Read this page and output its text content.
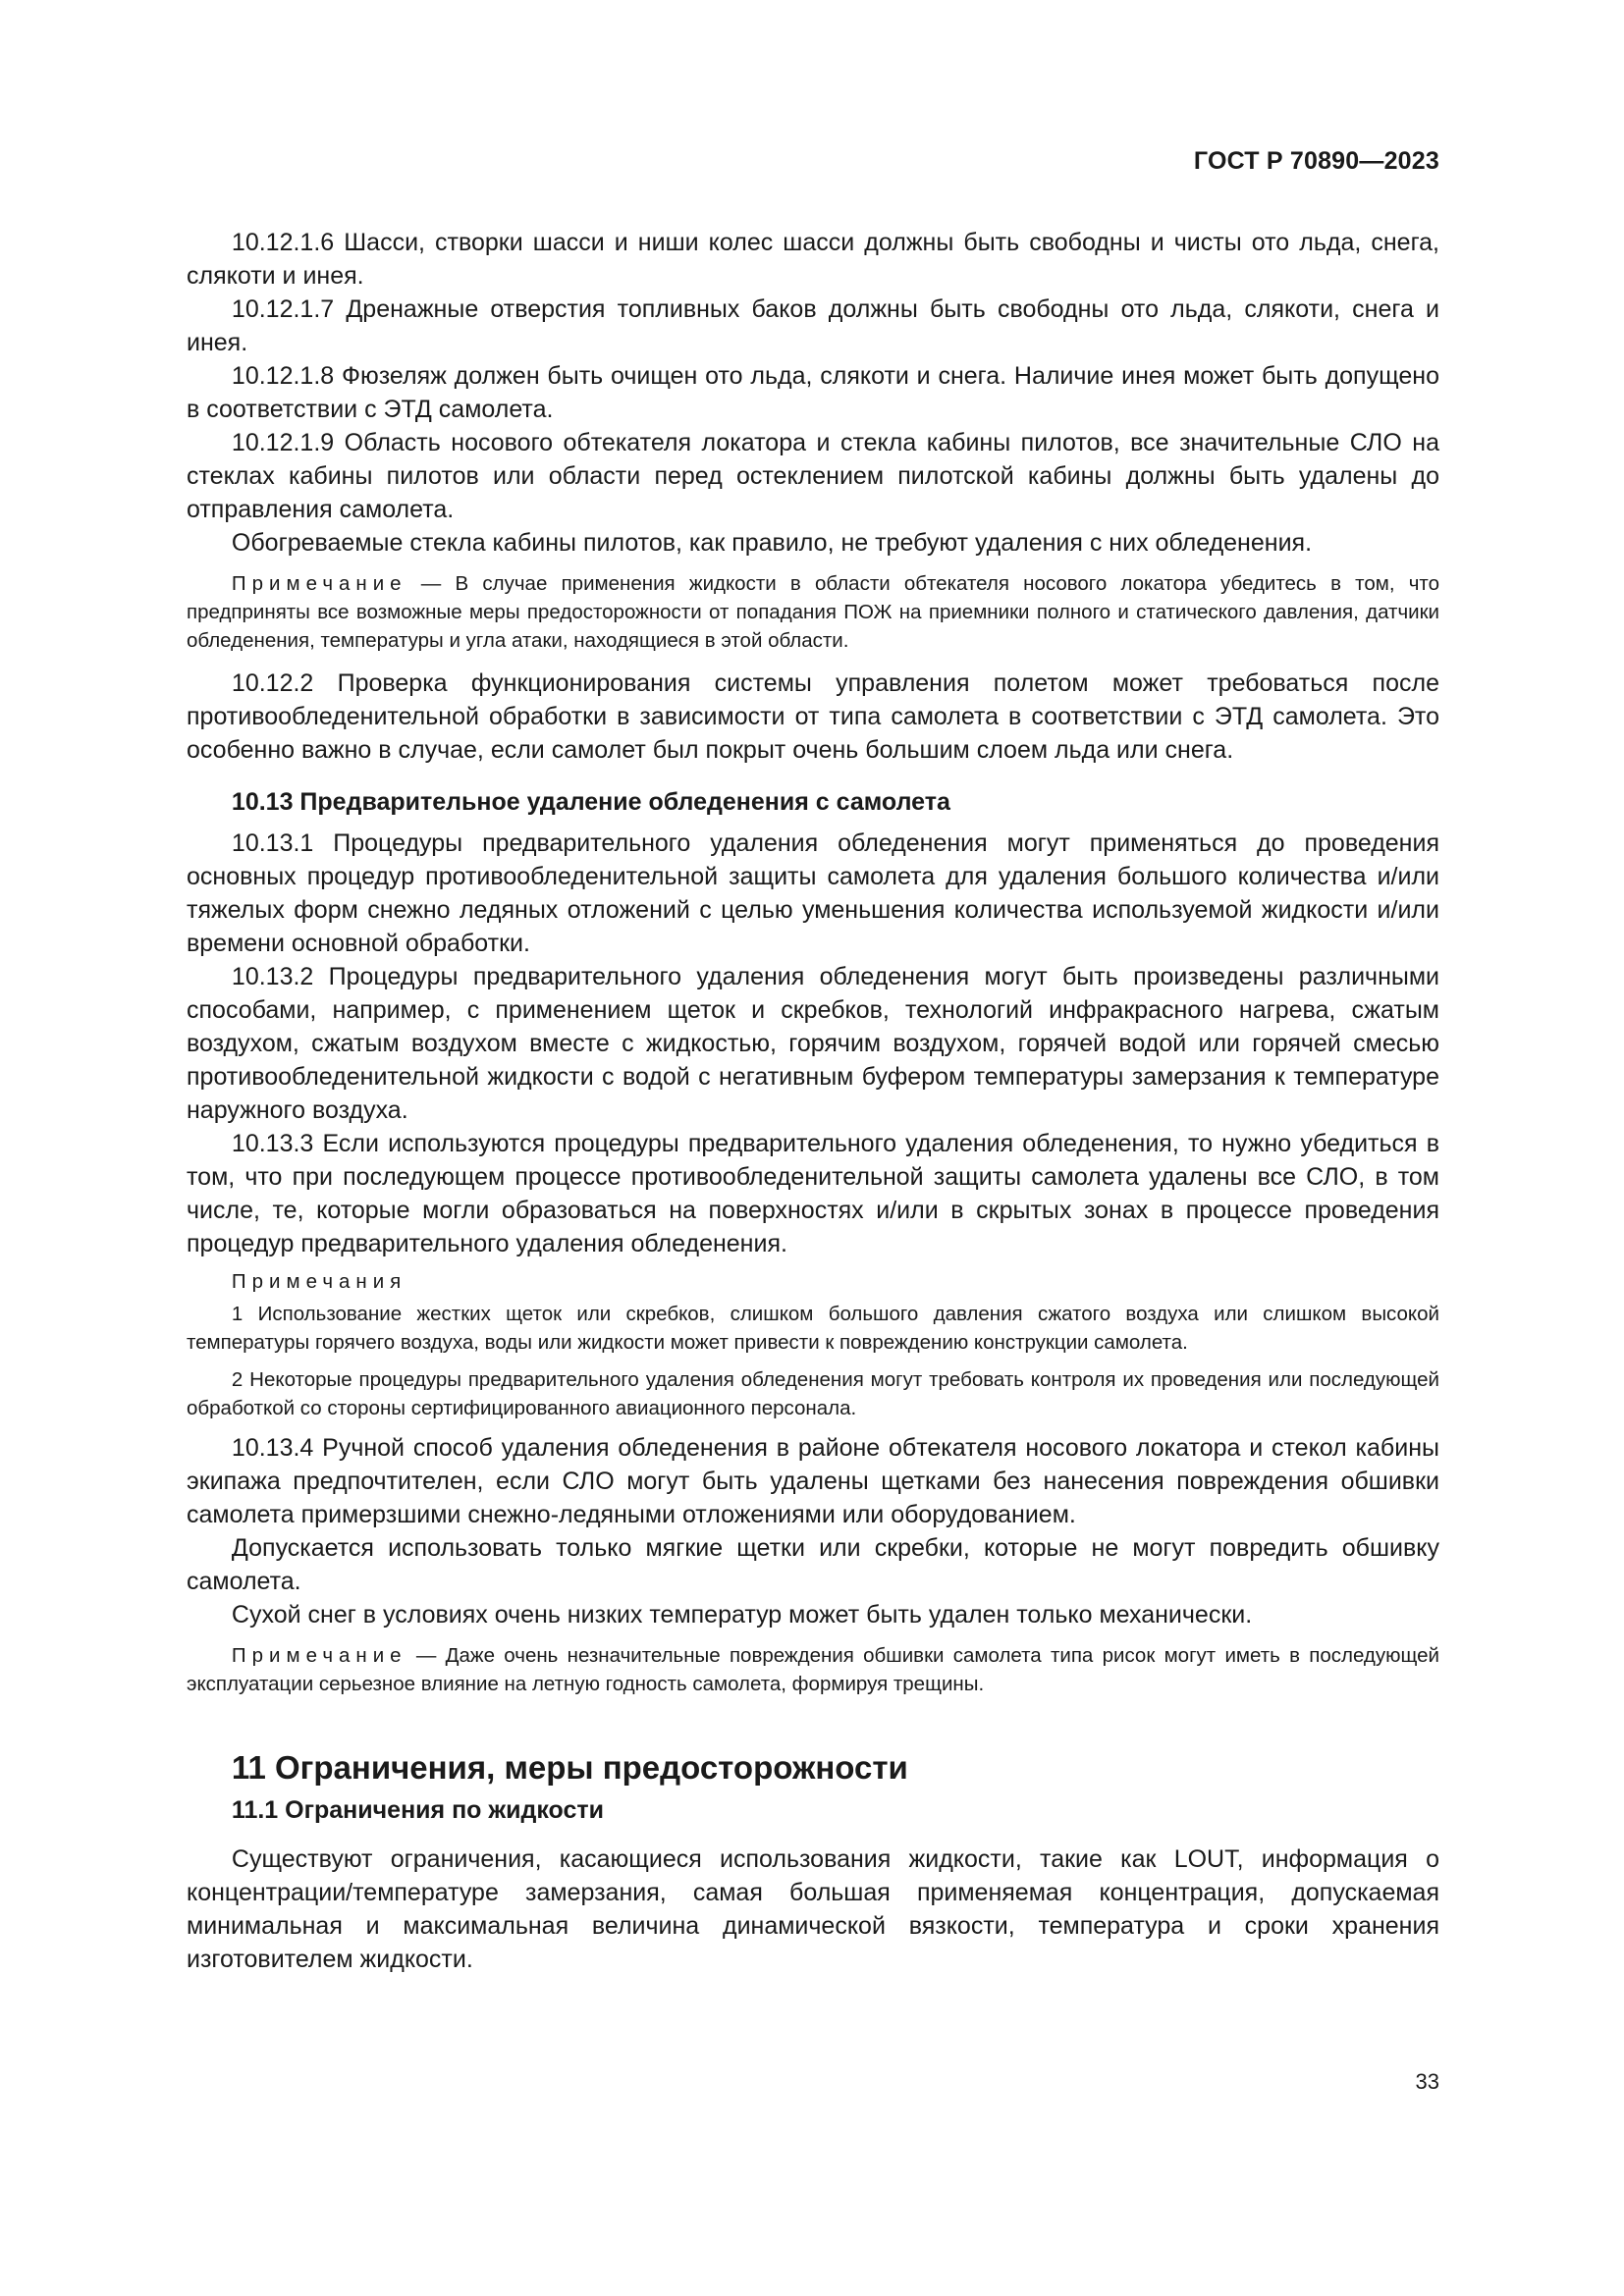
ГОСТ Р 70890—2023

10.12.1.6 Шасси, створки шасси и ниши колес шасси должны быть свободны и чисты ото льда, снега, слякоти и инея.

10.12.1.7 Дренажные отверстия топливных баков должны быть свободны ото льда, слякоти, снега и инея.

10.12.1.8 Фюзеляж должен быть очищен ото льда, слякоти и снега. Наличие инея может быть допущено в соответствии с ЭТД самолета.

10.12.1.9 Область носового обтекателя локатора и стекла кабины пилотов, все значительные СЛО на стеклах кабины пилотов или области перед остеклением пилотской кабины должны быть удалены до отправления самолета.

Обогреваемые стекла кабины пилотов, как правило, не требуют удаления с них обледенения.

Примечание — В случае применения жидкости в области обтекателя носового локатора убедитесь в том, что предприняты все возможные меры предосторожности от попадания ПОЖ на приемники полного и статического давления, датчики обледенения, температуры и угла атаки, находящиеся в этой области.

10.12.2 Проверка функционирования системы управления полетом может требоваться после противообледенительной обработки в зависимости от типа самолета в соответствии с ЭТД самолета. Это особенно важно в случае, если самолет был покрыт очень большим слоем льда или снега.

10.13 Предварительное удаление обледенения с самолета

10.13.1 Процедуры предварительного удаления обледенения могут применяться до проведения основных процедур противообледенительной защиты самолета для удаления большого количества и/или тяжелых форм снежно ледяных отложений с целью уменьшения количества используемой жидкости и/или времени основной обработки.

10.13.2 Процедуры предварительного удаления обледенения могут быть произведены различными способами, например, с применением щеток и скребков, технологий инфракрасного нагрева, сжатым воздухом, сжатым воздухом вместе с жидкостью, горячим воздухом, горячей водой или горячей смесью противообледенительной жидкости с водой с негативным буфером температуры замерзания к температуре наружного воздуха.

10.13.3 Если используются процедуры предварительного удаления обледенения, то нужно убедиться в том, что при последующем процессе противообледенительной защиты самолета удалены все СЛО, в том числе, те, которые могли образоваться на поверхностях и/или в скрытых зонах в процессе проведения процедур предварительного удаления обледенения.

Примечания

1 Использование жестких щеток или скребков, слишком большого давления сжатого воздуха или слишком высокой температуры горячего воздуха, воды или жидкости может привести к повреждению конструкции самолета.

2 Некоторые процедуры предварительного удаления обледенения могут требовать контроля их проведения или последующей обработкой со стороны сертифицированного авиационного персонала.

10.13.4 Ручной способ удаления обледенения в районе обтекателя носового локатора и стекол кабины экипажа предпочтителен, если СЛО могут быть удалены щетками без нанесения повреждения обшивки самолета примерзшими снежно-ледяными отложениями или оборудованием.

Допускается использовать только мягкие щетки или скребки, которые не могут повредить обшивку самолета.

Сухой снег в условиях очень низких температур может быть удален только механически.

Примечание — Даже очень незначительные повреждения обшивки самолета типа рисок могут иметь в последующей эксплуатации серьезное влияние на летную годность самолета, формируя трещины.

11 Ограничения, меры предосторожности
11.1 Ограничения по жидкости

Существуют ограничения, касающиеся использования жидкости, такие как LOUT, информация о концентрации/температуре замерзания, самая большая применяемая концентрация, допускаемая минимальная и максимальная величина динамической вязкости, температура и сроки хранения изготовителем жидкости.

33
